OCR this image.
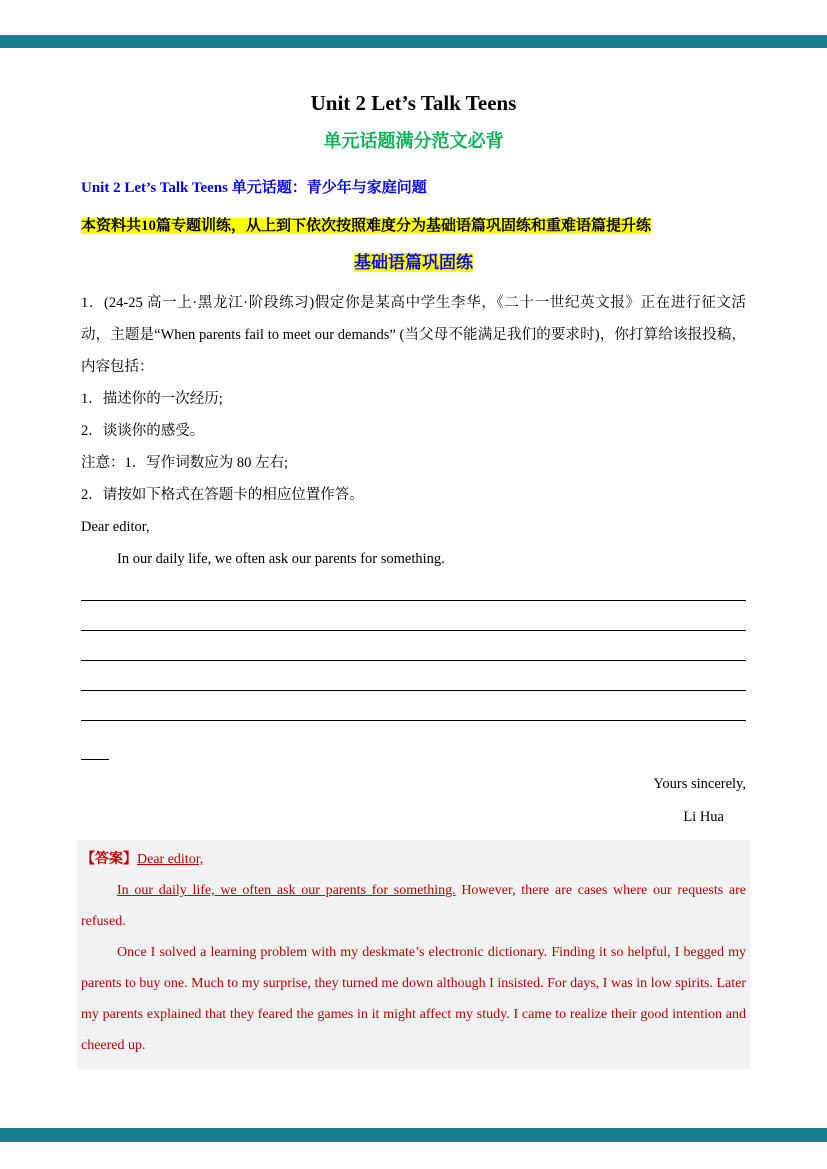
Unit 2 Let’s Talk Teens
单元话题满分范文必背

Unit 2 Let’s Talk Teens 单元话题：青少年与家庭问题

本资料共10篇专题训练，从上到下依次按照难度分为基础语篇巩固练和重难语篇提升练

基础语篇巩固练

1．(24-25 高一上·黑龙江·阶段练习)假定你是某高中学生李华，《二十一世纪英文报》正在进行征文活动，主题是“When parents fail to meet our demands” (当父母不能满足我们的要求时)，你打算给该报投稿，内容包括：

1．描述你的一次经历;

2．谈谈你的感受。

注意：1．写作词数应为 80 左右;

2．请按如下格式在答题卡的相应位置作答。

Dear editor,

In our daily life, we often ask our parents for something.

Yours sincerely,

Li Hua

【答案】Dear editor,

In our daily life, we often ask our parents for something. However, there are cases where our requests are refused.

Once I solved a learning problem with my deskmate’s electronic dictionary. Finding it so helpful, I begged my parents to buy one. Much to my surprise, they turned me down although I insisted. For days, I was in low spirits. Later my parents explained that they feared the games in it might affect my study. I came to realize their good intention and cheered up.
